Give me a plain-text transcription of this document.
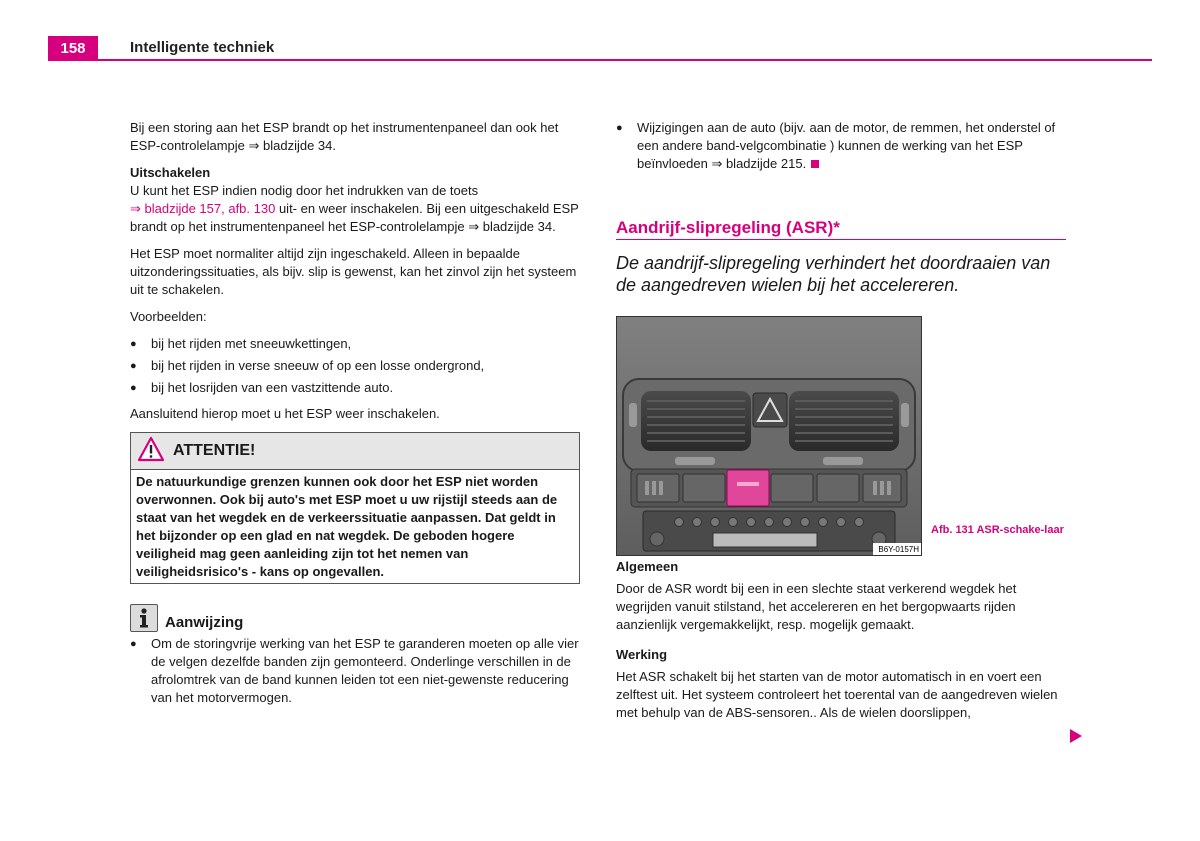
158	Intelligente techniek

Bij een storing aan het ESP brandt op het instrumentenpaneel dan ook het ESP-controlelampje ⇒ bladzijde 34.

Uitschakelen

U kunt het ESP indien nodig door het indrukken van de toets
⇒ bladzijde 157, afb. 130 uit- en weer inschakelen. Bij een uitgeschakeld ESP brandt op het instrumentenpaneel het ESP-controlelampje ⇒ bladzijde 34.

Het ESP moet normaliter altijd zijn ingeschakeld. Alleen in bepaalde uitzonderingssituaties, als bijv. slip is gewenst, kan het zinvol zijn het systeem uit te schakelen.

Voorbeelden:

● bij het rijden met sneeuwkettingen,
● bij het rijden in verse sneeuw of op een losse ondergrond,
● bij het losrijden van een vastzittende auto.

Aansluitend hierop moet u het ESP weer inschakelen.

ATTENTIE!
De natuurkundige grenzen kunnen ook door het ESP niet worden overwonnen. Ook bij auto's met ESP moet u uw rijstijl steeds aan de staat van het wegdek en de verkeerssituatie aanpassen. Dat geldt in het bijzonder op een glad en nat wegdek. De geboden hogere veiligheid mag geen aanleiding zijn tot het nemen van veiligheidsrisico's - kans op ongevallen.
Aanwijzing
● Om de storingvrije werking van het ESP te garanderen moeten op alle vier de velgen dezelfde banden zijn gemonteerd. Onderlinge verschillen in de afrolomtrek van de band kunnen leiden tot een niet-gewenste reducering van het motorvermogen.
● Wijzigingen aan de auto (bijv. aan de motor, de remmen, het onderstel of een andere band-velgcombinatie ) kunnen de werking van het ESP beïnvloeden ⇒ bladzijde 215.
Aandrijf-slipregeling (ASR)*

De aandrijf-slipregeling verhindert het doordraaien van de aangedreven wielen bij het accelereren.

B6Y-0157H
Afb. 131 ASR-schake-laar

Algemeen

Door de ASR wordt bij een in een slechte staat verkerend wegdek het wegrijden vanuit stilstand, het accelereren en het bergopwaarts rijden aanzienlijk vergemakkelijkt, resp. mogelijk gemaakt.

Werking

Het ASR schakelt bij het starten van de motor automatisch in en voert een zelftest uit. Het systeem controleert het toerental van de aangedreven wielen met behulp van de ABS-sensoren.. Als de wielen doorslippen,
